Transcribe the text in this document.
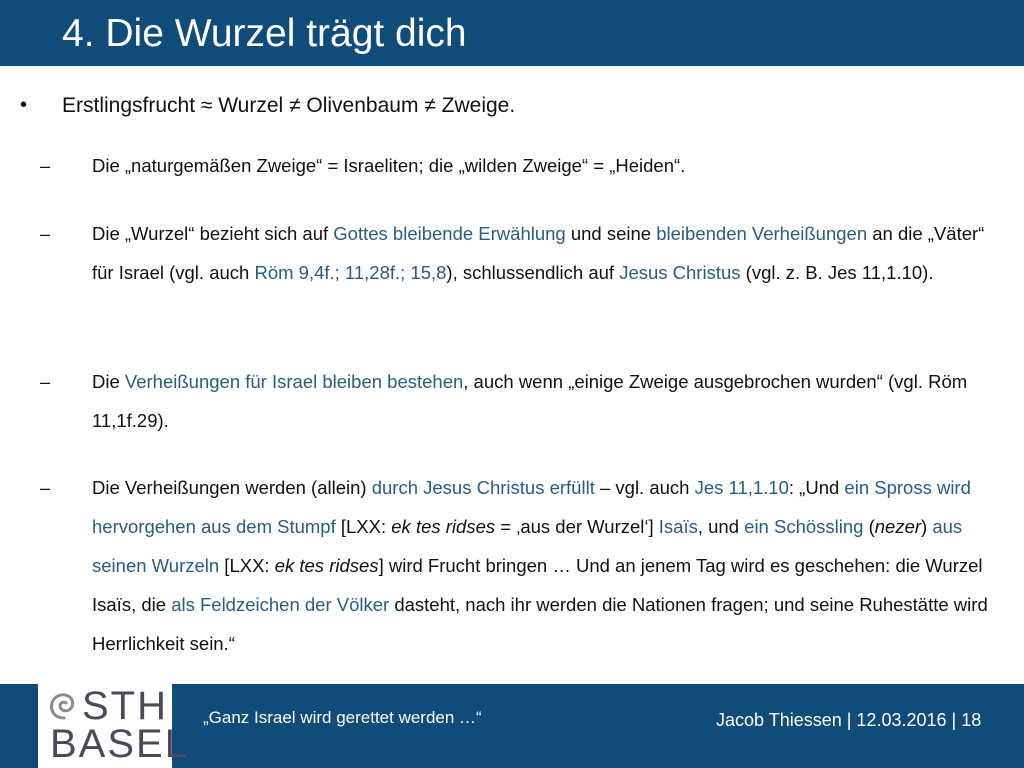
4. Die Wurzel trägt dich
• Erstlingsfrucht ≈ Wurzel ≠ Olivenbaum ≠ Zweige.
– Die „naturgemäßen Zweige“ = Israeliten; die „wilden Zweige“ = „Heiden“.
– Die „Wurzel“ bezieht sich auf Gottes bleibende Erwählung und seine bleibenden Verheißungen an die „Väter“ für Israel (vgl. auch Röm 9,4f.; 11,28f.; 15,8), schlussendlich auf Jesus Christus (vgl. z. B. Jes 11,1.10).
– Die Verheißungen für Israel bleiben bestehen, auch wenn „einige Zweige ausgebrochen wurden“ (vgl. Röm 11,1f.29).
– Die Verheißungen werden (allein) durch Jesus Christus erfüllt – vgl. auch Jes 11,1.10: „Und ein Spross wird hervorgehen aus dem Stumpf [LXX: ek tes ridses = ‚aus der Wurzel‘] Isaïs, und ein Schössling (nezer) aus seinen Wurzeln [LXX: ek tes ridses] wird Frucht bringen … Und an jenem Tag wird es geschehen: die Wurzel Isaïs, die als Feldzeichen der Völker dasteht, nach ihr werden die Nationen fragen; und seine Ruhestätte wird Herrlichkeit sein.“
STH
BASEL
„Ganz Israel wird gerettet werden …“	Jacob Thiessen | 12.03.2016 | 18
